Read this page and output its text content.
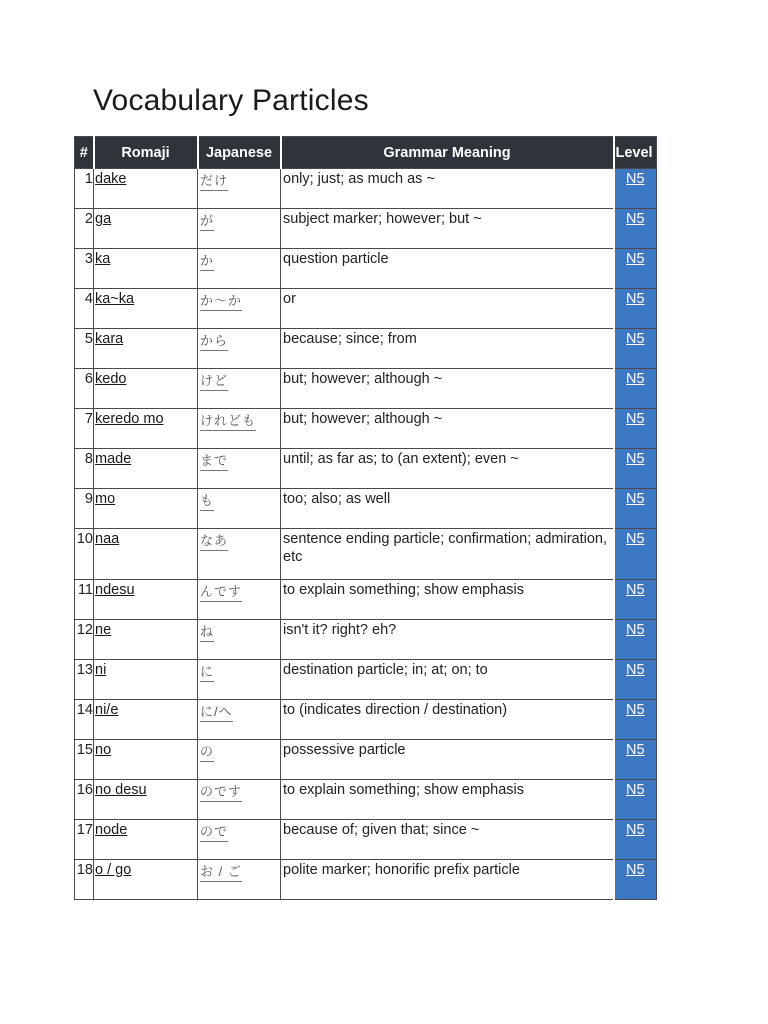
Vocabulary Particles
#	Romaji	Japanese	Grammar Meaning	Level
1	dake	だけ	only; just; as much as ~	N5
2	ga	が	subject marker; however; but ~	N5
3	ka	か	question particle	N5
4	ka~ka	か～か	or	N5
5	kara	から	because; since; from	N5
6	kedo	けど	but; however; although ~	N5
7	keredo mo	けれども	but; however; although ~	N5
8	made	まで	until; as far as; to (an extent); even ~	N5
9	mo	も	too; also; as well	N5
10	naa	なあ	sentence ending particle; confirmation; admiration, etc	N5
11	ndesu	んです	to explain something; show emphasis	N5
12	ne	ね	isn't it? right? eh?	N5
13	ni	に	destination particle; in; at; on; to	N5
14	ni/e	に/へ	to (indicates direction / destination)	N5
15	no	の	possessive particle	N5
16	no desu	のです	to explain something; show emphasis	N5
17	node	ので	because of; given that; since ~	N5
18	o / go	お / ご	polite marker; honorific prefix particle	N5
